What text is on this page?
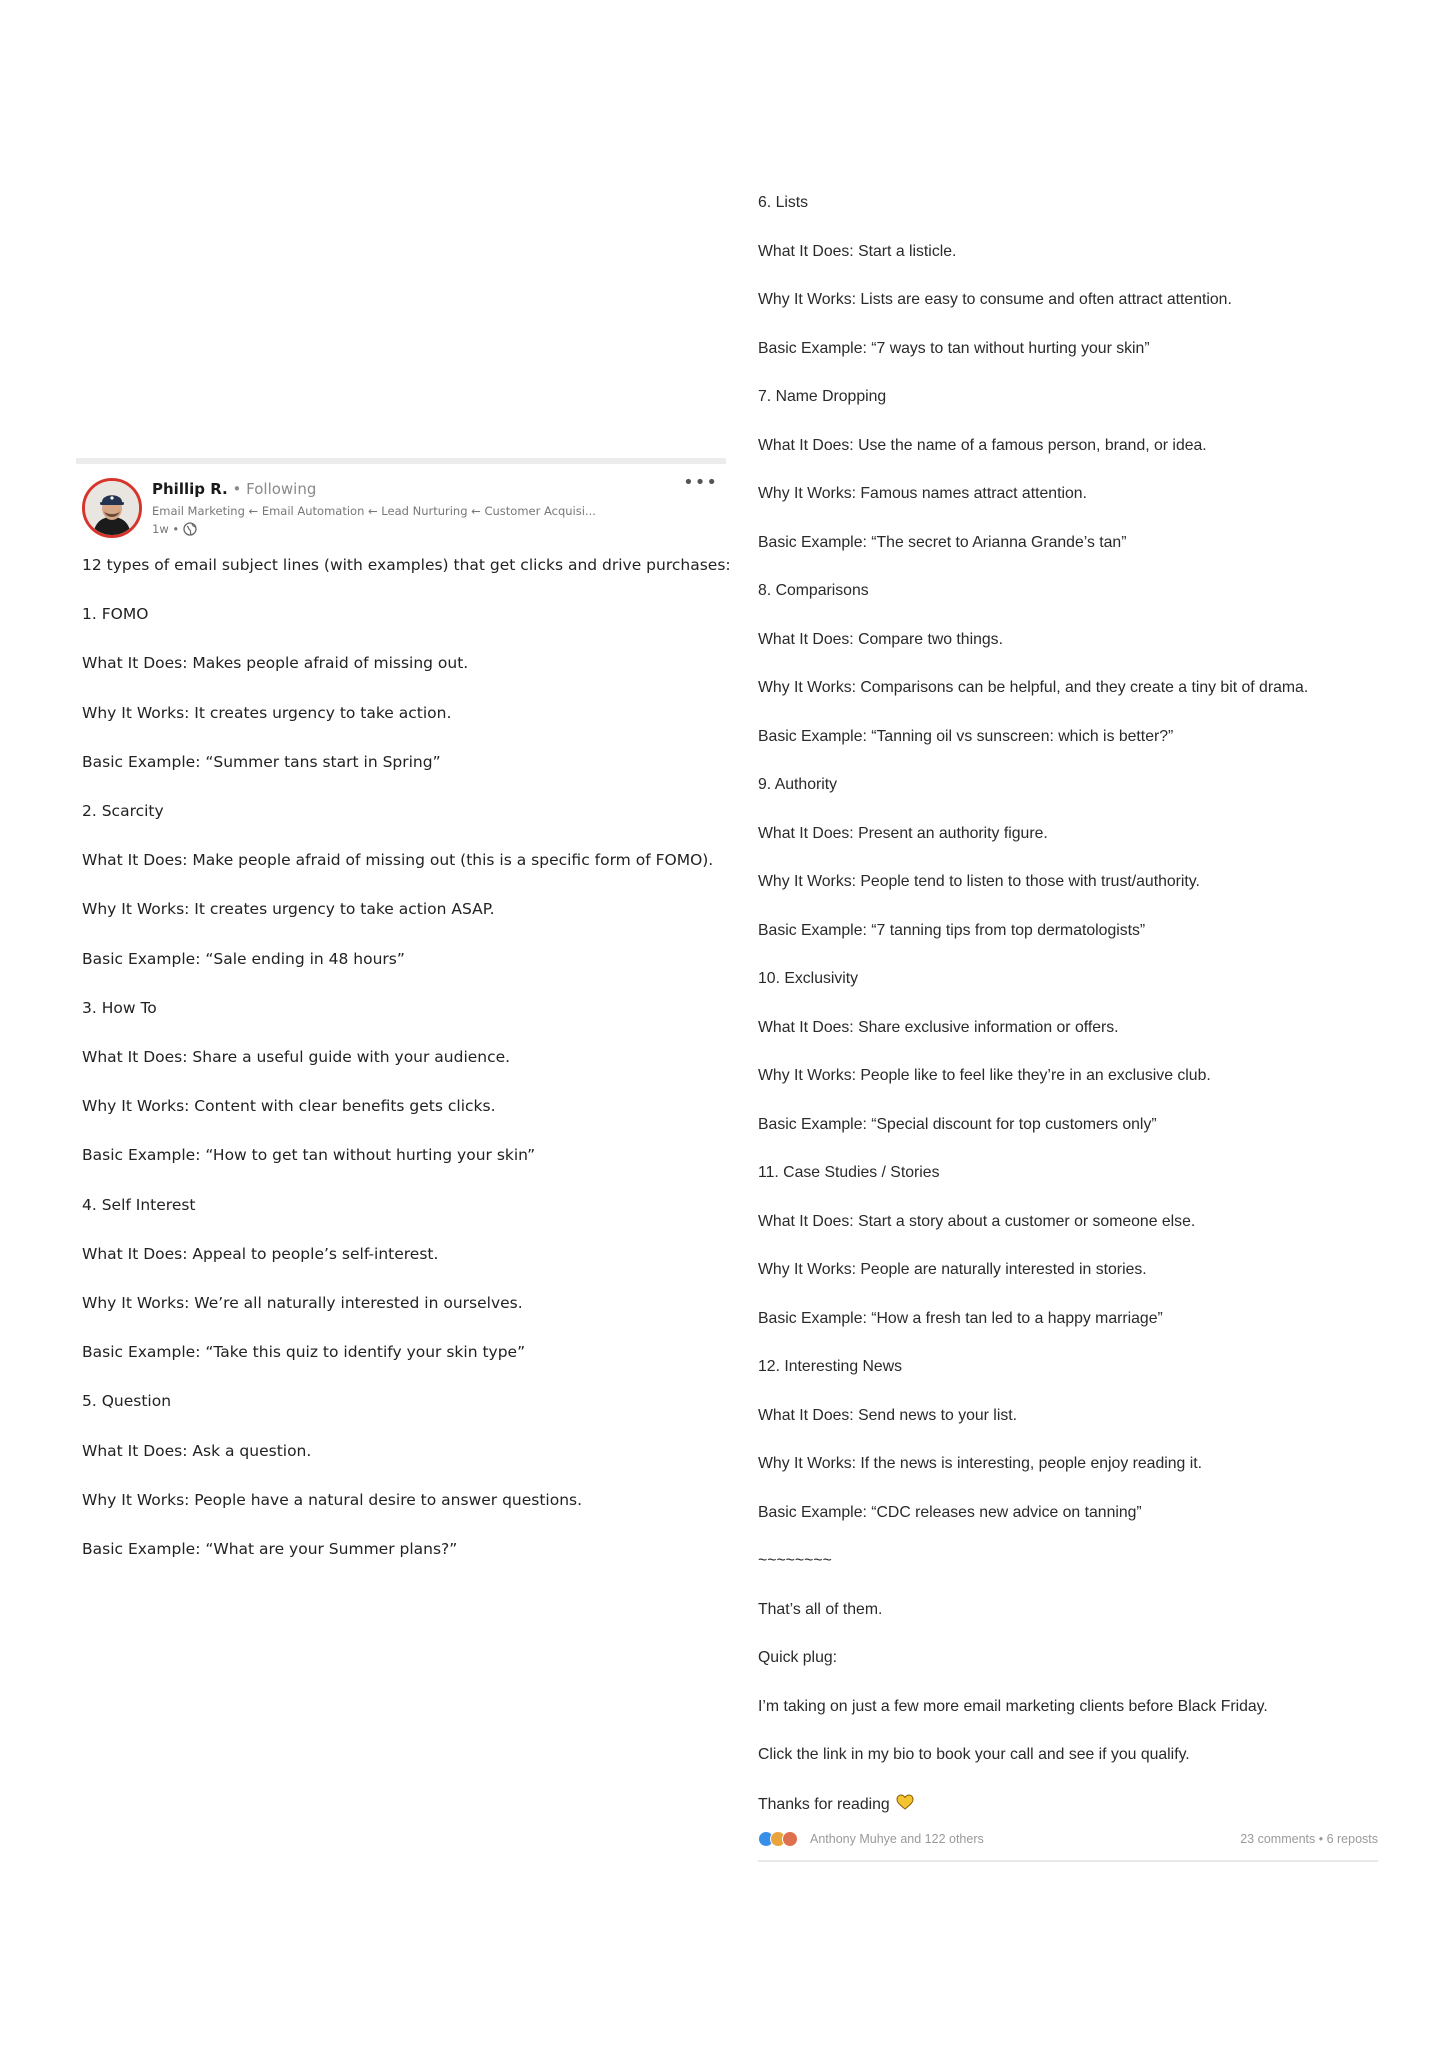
Phillip R. • Following
Email Marketing ← Email Automation ← Lead Nurturing ← Customer Acquisi...
1w •
•••
12 types of email subject lines (with examples) that get clicks and drive purchases:
1. FOMO
What It Does: Makes people afraid of missing out.
Why It Works: It creates urgency to take action.
Basic Example: “Summer tans start in Spring”
2. Scarcity
What It Does: Make people afraid of missing out (this is a specific form of FOMO).
Why It Works: It creates urgency to take action ASAP.
Basic Example: “Sale ending in 48 hours”
3. How To
What It Does: Share a useful guide with your audience.
Why It Works: Content with clear benefits gets clicks.
Basic Example: “How to get tan without hurting your skin”
4. Self Interest
What It Does: Appeal to people’s self-interest.
Why It Works: We’re all naturally interested in ourselves.
Basic Example: “Take this quiz to identify your skin type”
5. Question
What It Does: Ask a question.
Why It Works: People have a natural desire to answer questions.
Basic Example: “What are your Summer plans?”
6. Lists
What It Does: Start a listicle.
Why It Works: Lists are easy to consume and often attract attention.
Basic Example: “7 ways to tan without hurting your skin”
7. Name Dropping
What It Does: Use the name of a famous person, brand, or idea.
Why It Works: Famous names attract attention.
Basic Example: “The secret to Arianna Grande’s tan”
8. Comparisons
What It Does: Compare two things.
Why It Works: Comparisons can be helpful, and they create a tiny bit of drama.
Basic Example: “Tanning oil vs sunscreen: which is better?”
9. Authority
What It Does: Present an authority figure.
Why It Works: People tend to listen to those with trust/authority.
Basic Example: “7 tanning tips from top dermatologists”
10. Exclusivity
What It Does: Share exclusive information or offers.
Why It Works: People like to feel like they’re in an exclusive club.
Basic Example: “Special discount for top customers only”
11. Case Studies / Stories
What It Does: Start a story about a customer or someone else.
Why It Works: People are naturally interested in stories.
Basic Example: “How a fresh tan led to a happy marriage”
12. Interesting News
What It Does: Send news to your list.
Why It Works: If the news is interesting, people enjoy reading it.
Basic Example: “CDC releases new advice on tanning”
~~~~~~~~
That’s all of them.
Quick plug:
I’m taking on just a few more email marketing clients before Black Friday.
Click the link in my bio to book your call and see if you qualify.
Thanks for reading
Anthony Muhye and 122 others	23 comments • 6 reposts
